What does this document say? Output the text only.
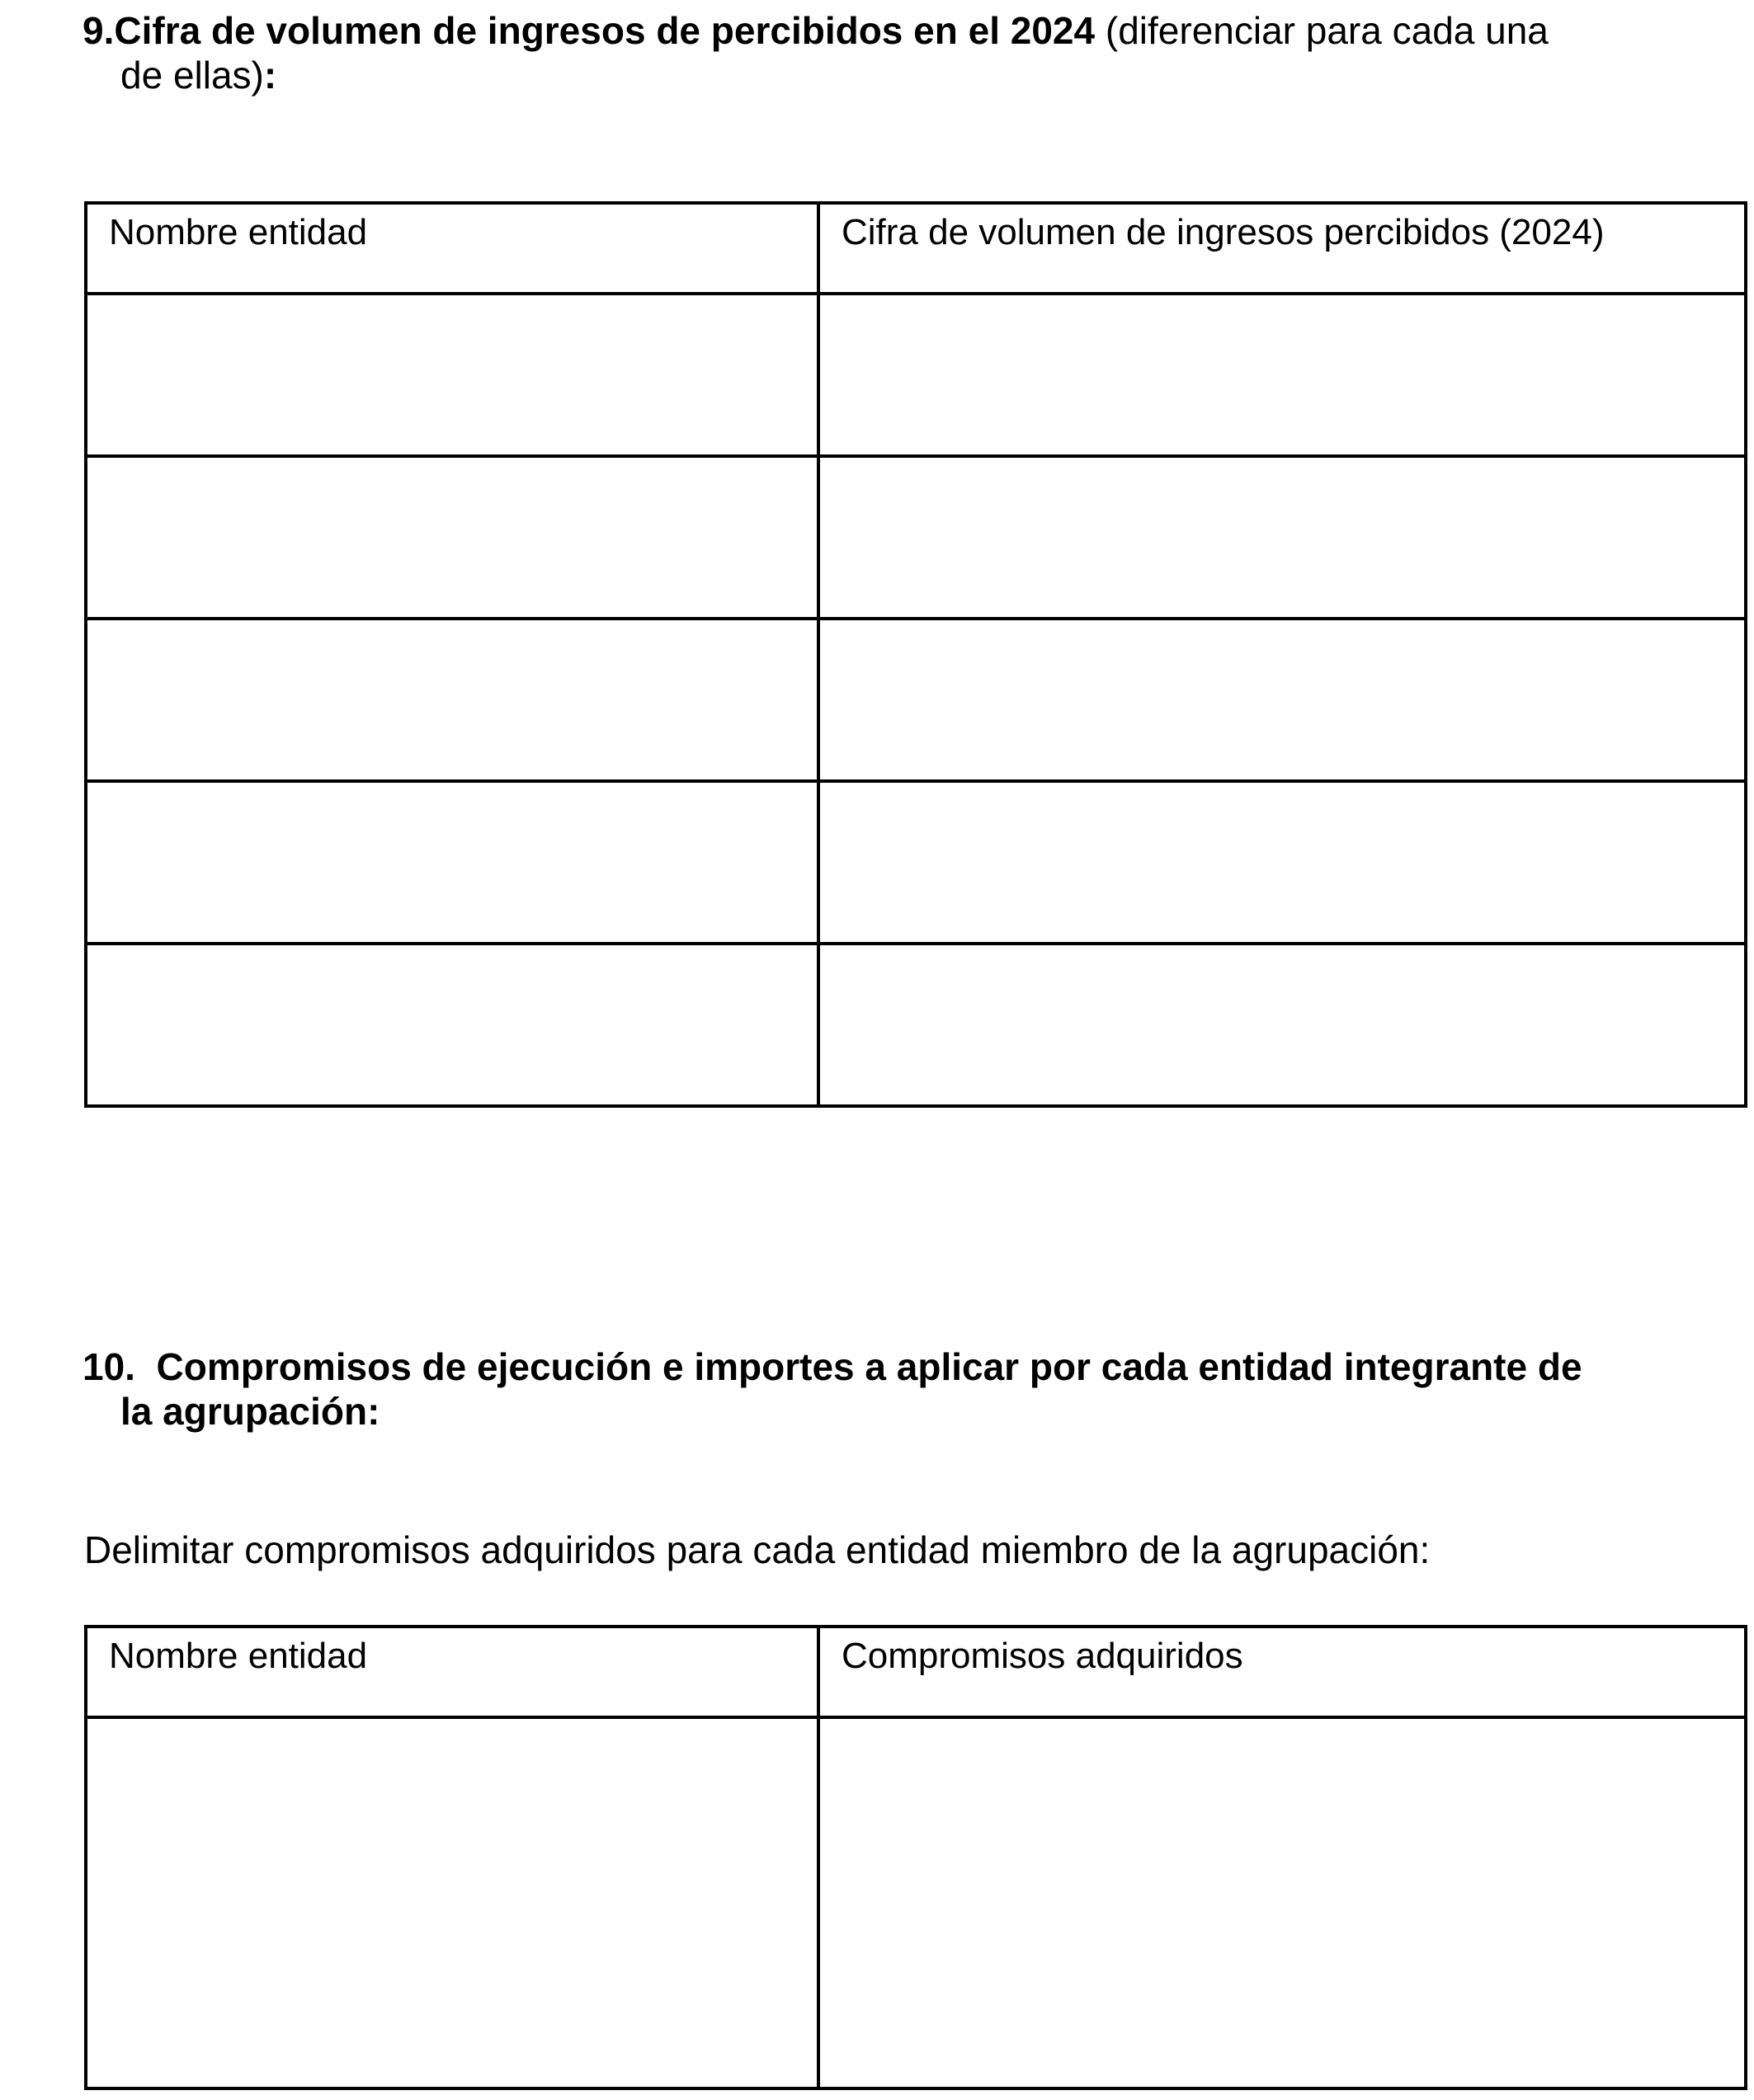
9.Cifra de volumen de ingresos de percibidos en el 2024 (diferenciar para cada una
de ellas):

Nombre entidad	Cifra de volumen de ingresos percibidos (2024)

10. Compromisos de ejecución e importes a aplicar por cada entidad integrante de
la agrupación:

Delimitar compromisos adquiridos para cada entidad miembro de la agrupación:

Nombre entidad	Compromisos adquiridos
